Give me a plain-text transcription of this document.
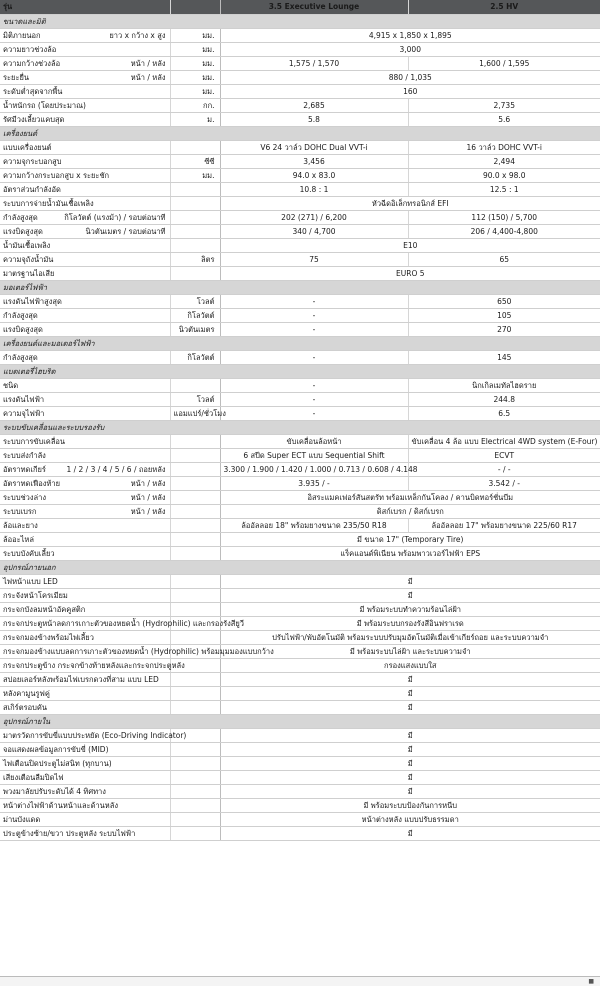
รุ่น		3.5 Executive Lounge	2.5 HV
ขนาดและมิติ			
มิติภายนอก ยาว x กว้าง x สูง	มม.	4,915 x 1,850 x 1,895	
ความยาวช่วงล้อ	มม.	3,000	
ความกว้างช่วงล้อ หน้า / หลัง	มม.	1,575 / 1,570	1,600 / 1,595
ระยะยื่น หน้า / หลัง	มม.	880 / 1,035	
ระดับต่ำสุดจากพื้น	มม.	160	
น้ำหนักรถ (โดยประมาณ)	กก.	2,685	2,735
รัศมีวงเลี้ยวแคบสุด	ม.	5.8	5.6
เครื่องยนต์			
แบบเครื่องยนต์		V6 24 วาล์ว DOHC Dual VVT-i	16 วาล์ว DOHC VVT-i
ความจุกระบอกสูบ	ซีซี	3,456	2,494
ความกว้างกระบอกสูบ x ระยะชัก	มม.	94.0 x 83.0	90.0 x 98.0
อัตราส่วนกำลังอัด		10.8 : 1	12.5 : 1
ระบบการจ่ายน้ำมันเชื้อเพลิง		หัวฉีดอิเล็กทรอนิกส์ EFI	
กำลังสูงสุด กิโลวัตต์ (แรงม้า) / รอบต่อนาที		202 (271) / 6,200	112 (150) / 5,700
แรงบิดสูงสุด นิวตันเมตร / รอบต่อนาที		340 / 4,700	206 / 4,400-4,800
น้ำมันเชื้อเพลิง		E10	
ความจุถังน้ำมัน	ลิตร	75	65
มาตรฐานไอเสีย		EURO 5	
มอเตอร์ไฟฟ้า			
แรงดันไฟฟ้าสูงสุด	โวลต์	-	650
กำลังสูงสุด	กิโลวัตต์	-	105
แรงบิดสูงสุด	นิวตันเมตร	-	270
เครื่องยนต์และมอเตอร์ไฟฟ้า			
กำลังสูงสุด	กิโลวัตต์	-	145
แบตเตอรี่ไฮบริด			
ชนิด		-	นิกเกิลเมทัลไฮดราย
แรงดันไฟฟ้า	โวลต์	-	244.8
ความจุไฟฟ้า	แอมแปร์/ชั่วโมง	-	6.5
ระบบขับเคลื่อนและระบบรองรับ			
ระบบการขับเคลื่อน		ขับเคลื่อนล้อหน้า	ขับเคลื่อน 4 ล้อ แบบ Electrical 4WD system (E-Four)
ระบบส่งกำลัง		6 สปีด Super ECT แบบ Sequential Shift	ECVT
อัตราทดเกียร์ 1 / 2 / 3 / 4 / 5 / 6 / ถอยหลัง		3.300 / 1.900 / 1.420 / 1.000 / 0.713 / 0.608 / 4.148	- / -
อัตราทดเฟืองท้าย หน้า / หลัง		3.935 / -	3.542 / -
ระบบช่วงล่าง หน้า / หลัง		อิสระแมคเฟอร์สันสตรัท พร้อมเหล็กกันโคลง / คานบิดทอร์ชั่นบีม	
ระบบเบรก หน้า / หลัง		ดิสก์เบรก / ดิสก์เบรก	
ล้อและยาง		ล้ออัลลอย 18" พร้อมยางขนาด 235/50 R18	ล้ออัลลอย 17" พร้อมยางขนาด 225/60 R17
ล้ออะไหล่		มี ขนาด 17" (Temporary Tire)	
ระบบบังคับเลี้ยว		แร็คแอนด์พิเนียน พร้อมพาวเวอร์ไฟฟ้า EPS	
อุปกรณ์ภายนอก			
ไฟหน้าแบบ LED		มี	
กระจังหน้าโครเมียม		มี	
กระจกบังลมหน้าอัคคูสติก		มี พร้อมระบบทำความร้อนไล่ฝ้า	
กระจกประตูหน้าลดการเกาะตัวของหยดน้ำ (Hydrophilic) และกรองรังสียูวี		มี พร้อมระบบกรองรังสีอินฟราเรด	
กระจกมองข้างพร้อมไฟเลี้ยว		ปรับไฟฟ้า/พับอัตโนมัติ พร้อมระบบปรับมุมอัตโนมัติเมื่อเข้าเกียร์ถอย และระบบความจำ	
กระจกมองข้างแบบลดการเกาะตัวของหยดน้ำ (Hydrophilic) พร้อมมุมมองแบบกว้าง		มี พร้อมระบบไล่ฝ้า และระบบความจำ	
กระจกประตูข้าง กระจกข้างท้ายหลังและกระจกประตูหลัง		กรองแสงแบบใส	
สปอยเลอร์หลังพร้อมไฟเบรกดวงที่สาม แบบ LED		มี	
หลังคามูนรูฟคู่		มี	
สเกิร์ตรอบคัน		มี	
อุปกรณ์ภายใน			
มาตรวัดการขับขี่แบบประหยัด (Eco-Driving Indicator)		มี	
จอแสดงผลข้อมูลการขับขี่ (MID)		มี	
ไฟเตือนปิดประตูไม่สนิท (ทุกบาน)		มี	
เสียงเตือนลืมปิดไฟ		มี	
พวงมาลัยปรับระดับได้ 4 ทิศทาง		มี	
หน้าต่างไฟฟ้าด้านหน้าและด้านหลัง		มี พร้อมระบบป้องกันการหนีบ	
ม่านบังแดด		หน้าต่างหลัง แบบปรับธรรมดา	
ประตูข้างซ้าย/ขวา ประตูหลัง ระบบไฟฟ้า		มี	
■
